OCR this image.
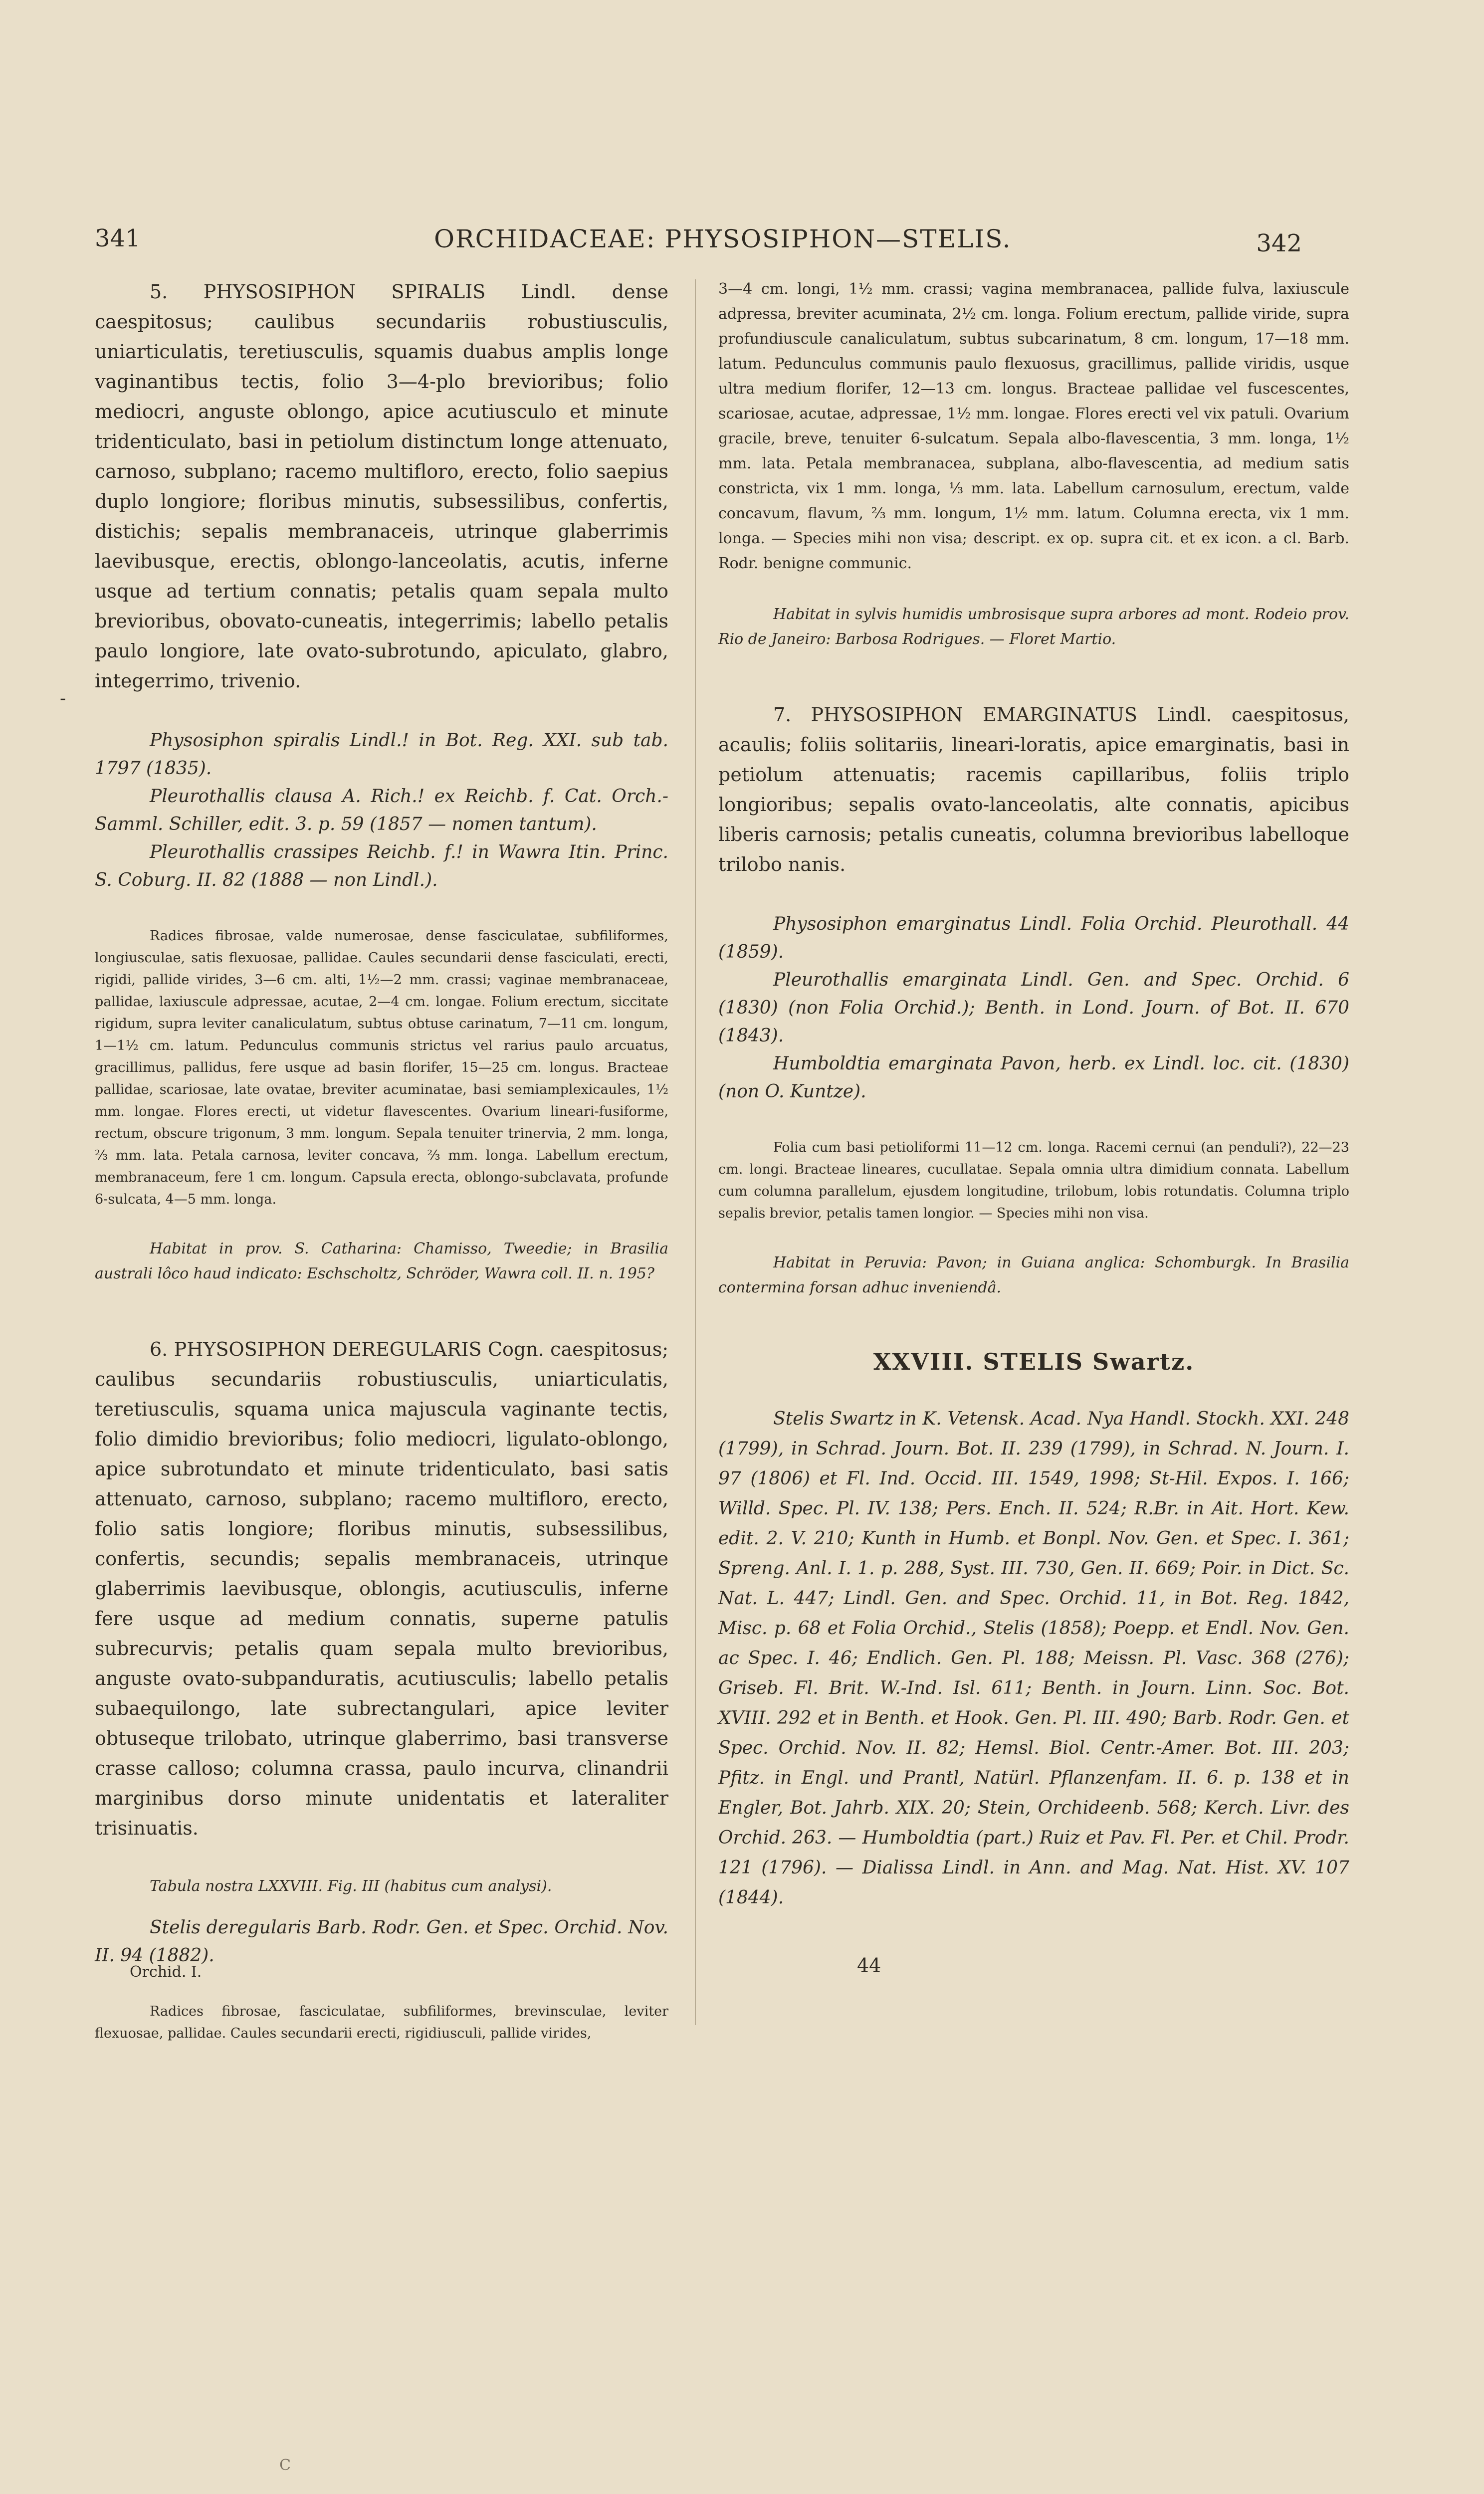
341	ORCHIDACEAE: PHYSOSIPHON—STELIS.	342
-

5. PHYSOSIPHON SPIRALIS Lindl. dense caespitosus; caulibus secundariis robustiusculis, uniarticulatis, teretiusculis, squamis duabus amplis longe vaginantibus tectis, folio 3—4-plo brevioribus; folio mediocri, anguste oblongo, apice acutiusculo et minute tridenticulato, basi in petiolum distinctum longe attenuato, carnoso, subplano; racemo multifloro, erecto, folio saepius duplo longiore; floribus minutis, subsessilibus, confertis, distichis; sepalis membranaceis, utrinque glaberrimis laevibusque, erectis, oblongo-lanceolatis, acutis, inferne usque ad tertium connatis; petalis quam sepala multo brevioribus, obovato-cuneatis, integerrimis; labello petalis paulo longiore, late ovato-subrotundo, apiculato, glabro, integerrimo, trivenio.

Physosiphon spiralis Lindl.! in Bot. Reg. XXI. sub tab. 1797 (1835).

Pleurothallis clausa A. Rich.! ex Reichb. f. Cat. Orch.-Samml. Schiller, edit. 3. p. 59 (1857 — nomen tantum).

Pleurothallis crassipes Reichb. f.! in Wawra Itin. Princ. S. Coburg. II. 82 (1888 — non Lindl.).

Radices fibrosae, valde numerosae, dense fasciculatae, subfiliformes, longiusculae, satis flexuosae, pallidae. Caules secundarii dense fasciculati, erecti, rigidi, pallide virides, 3—6 cm. alti, 1½—2 mm. crassi; vaginae membranaceae, pallidae, laxiuscule adpressae, acutae, 2—4 cm. longae. Folium erectum, siccitate rigidum, supra leviter canaliculatum, subtus obtuse carinatum, 7—11 cm. longum, 1—1½ cm. latum. Pedunculus communis strictus vel rarius paulo arcuatus, gracillimus, pallidus, fere usque ad basin florifer, 15—25 cm. longus. Bracteae pallidae, scariosae, late ovatae, breviter acuminatae, basi semiamplexicaules, 1½ mm. longae. Flores erecti, ut videtur flavescentes. Ovarium lineari-fusiforme, rectum, obscure trigonum, 3 mm. longum. Sepala tenuiter trinervia, 2 mm. longa, ⅔ mm. lata. Petala carnosa, leviter concava, ⅔ mm. longa. Labellum erectum, membranaceum, fere 1 cm. longum. Capsula erecta, oblongo-subclavata, profunde 6-sulcata, 4—5 mm. longa.

Habitat in prov. S. Catharina: Chamisso, Tweedie; in Brasilia australi lôco haud indicato: Eschscholtz, Schröder, Wawra coll. II. n. 195?

6. PHYSOSIPHON DEREGULARIS Cogn. caespitosus; caulibus secundariis robustiusculis, uniarticulatis, teretiusculis, squama unica majuscula vaginante tectis, folio dimidio brevioribus; folio mediocri, ligulato-oblongo, apice subrotundato et minute tridenticulato, basi satis attenuato, carnoso, subplano; racemo multifloro, erecto, folio satis longiore; floribus minutis, subsessilibus, confertis, secundis; sepalis membranaceis, utrinque glaberrimis laevibusque, oblongis, acutiusculis, inferne fere usque ad medium connatis, superne patulis subrecurvis; petalis quam sepala multo brevioribus, anguste ovato-subpanduratis, acutiusculis; labello petalis subaequilongo, late subrectangulari, apice leviter obtuseque trilobato, utrinque glaberrimo, basi transverse crasse calloso; columna crassa, paulo incurva, clinandrii marginibus dorso minute unidentatis et lateraliter trisinuatis.

Tabula nostra LXXVIII. Fig. III (habitus cum analysi).

Stelis deregularis Barb. Rodr. Gen. et Spec. Orchid. Nov. II. 94 (1882).

Radices fibrosae, fasciculatae, subfiliformes, brevinsculae, leviter flexuosae, pallidae. Caules secundarii erecti, rigidiusculi, pallide virides,

3—4 cm. longi, 1½ mm. crassi; vagina membranacea, pallide fulva, laxiuscule adpressa, breviter acuminata, 2½ cm. longa. Folium erectum, pallide viride, supra profundiuscule canaliculatum, subtus subcarinatum, 8 cm. longum, 17—18 mm. latum. Pedunculus communis paulo flexuosus, gracillimus, pallide viridis, usque ultra medium florifer, 12—13 cm. longus. Bracteae pallidae vel fuscescentes, scariosae, acutae, adpressae, 1½ mm. longae. Flores erecti vel vix patuli. Ovarium gracile, breve, tenuiter 6-sulcatum. Sepala albo-flavescentia, 3 mm. longa, 1½ mm. lata. Petala membranacea, subplana, albo-flavescentia, ad medium satis constricta, vix 1 mm. longa, ⅓ mm. lata. Labellum carnosulum, erectum, valde concavum, flavum, ⅔ mm. longum, 1½ mm. latum. Columna erecta, vix 1 mm. longa. — Species mihi non visa; descript. ex op. supra cit. et ex icon. a cl. Barb. Rodr. benigne communic.

Habitat in sylvis humidis umbrosisque supra arbores ad mont. Rodeio prov. Rio de Janeiro: Barbosa Rodrigues. — Floret Martio.

7. PHYSOSIPHON EMARGINATUS Lindl. caespitosus, acaulis; foliis solitariis, lineari-loratis, apice emarginatis, basi in petiolum attenuatis; racemis capillaribus, foliis triplo longioribus; sepalis ovato-lanceolatis, alte connatis, apicibus liberis carnosis; petalis cuneatis, columna brevioribus labelloque trilobo nanis.

Physosiphon emarginatus Lindl. Folia Orchid. Pleurothall. 44 (1859).

Pleurothallis emarginata Lindl. Gen. and Spec. Orchid. 6 (1830) (non Folia Orchid.); Benth. in Lond. Journ. of Bot. II. 670 (1843).

Humboldtia emarginata Pavon, herb. ex Lindl. loc. cit. (1830) (non O. Kuntze).

Folia cum basi petioliformi 11—12 cm. longa. Racemi cernui (an penduli?), 22—23 cm. longi. Bracteae lineares, cucullatae. Sepala omnia ultra dimidium connata. Labellum cum columna parallelum, ejusdem longitudine, trilobum, lobis rotundatis. Columna triplo sepalis brevior, petalis tamen longior. — Species mihi non visa.

Habitat in Peruvia: Pavon; in Guiana anglica: Schomburgk. In Brasilia contermina forsan adhuc inveniendâ.

XXVIII. STELIS Swartz.

Stelis Swartz in K. Vetensk. Acad. Nya Handl. Stockh. XXI. 248 (1799), in Schrad. Journ. Bot. II. 239 (1799), in Schrad. N. Journ. I. 97 (1806) et Fl. Ind. Occid. III. 1549, 1998; St-Hil. Expos. I. 166; Willd. Spec. Pl. IV. 138; Pers. Ench. II. 524; R.Br. in Ait. Hort. Kew. edit. 2. V. 210; Kunth in Humb. et Bonpl. Nov. Gen. et Spec. I. 361; Spreng. Anl. I. 1. p. 288, Syst. III. 730, Gen. II. 669; Poir. in Dict. Sc. Nat. L. 447; Lindl. Gen. and Spec. Orchid. 11, in Bot. Reg. 1842, Misc. p. 68 et Folia Orchid., Stelis (1858); Poepp. et Endl. Nov. Gen. ac Spec. I. 46; Endlich. Gen. Pl. 188; Meissn. Pl. Vasc. 368 (276); Griseb. Fl. Brit. W.-Ind. Isl. 611; Benth. in Journ. Linn. Soc. Bot. XVIII. 292 et in Benth. et Hook. Gen. Pl. III. 490; Barb. Rodr. Gen. et Spec. Orchid. Nov. II. 82; Hemsl. Biol. Centr.-Amer. Bot. III. 203; Pfitz. in Engl. und Prantl, Natürl. Pflanzenfam. II. 6. p. 138 et in Engler, Bot. Jahrb. XIX. 20; Stein, Orchideenb. 568; Kerch. Livr. des Orchid. 263. — Humboldtia (part.) Ruiz et Pav. Fl. Per. et Chil. Prodr. 121 (1796). — Dialissa Lindl. in Ann. and Mag. Nat. Hist. XV. 107 (1844).

Orchid. I.	44
C
